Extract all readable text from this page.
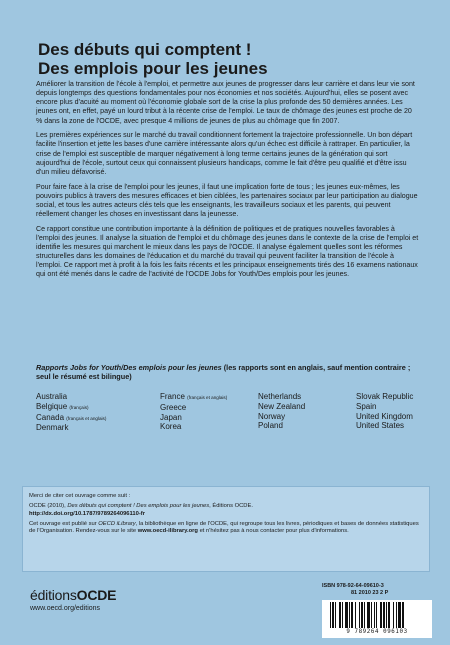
Des débuts qui comptent !
Des emplois pour les jeunes

Améliorer la transition de l'école à l'emploi, et permettre aux jeunes de progresser dans leur carrière et dans leur vie sont depuis longtemps des questions fondamentales pour nos économies et nos sociétés. Aujourd'hui, elles se posent avec encore plus d'acuité au moment où l'économie globale sort de la crise la plus profonde des 50 dernières années. Les jeunes ont, en effet, payé un lourd tribut à la récente crise de l'emploi. Le taux de chômage des jeunes est proche de 20 % dans la zone de l'OCDE, avec presque 4 millions de jeunes de plus au chômage que fin 2007.

Les premières expériences sur le marché du travail conditionnent fortement la trajectoire professionnelle. Un bon départ facilite l'insertion et jette les bases d'une carrière intéressante alors qu'un échec est difficile à rattraper. En particulier, la crise de l'emploi est susceptible de marquer négativement à long terme certains jeunes de la génération qui sort aujourd'hui de l'école, surtout ceux qui connaissent plusieurs handicaps, comme le fait d'être peu qualifié et d'être issu d'un milieu défavorisé.

Pour faire face à la crise de l'emploi pour les jeunes, il faut une implication forte de tous ; les jeunes eux-mêmes, les pouvoirs publics à travers des mesures efficaces et bien ciblées, les partenaires sociaux par leur participation au dialogue social, et tous les autres acteurs clés tels que les enseignants, les travailleurs sociaux et les parents, qui peuvent réellement changer les choses en investissant dans la jeunesse.

Ce rapport constitue une contribution importante à la définition de politiques et de pratiques nouvelles favorables à l'emploi des jeunes. Il analyse la situation de l'emploi et du chômage des jeunes dans le contexte de la crise de l'emploi et identifie les mesures qui marchent le mieux dans les pays de l'OCDE. Il analyse également quelles sont les réformes structurelles dans les domaines de l'éducation et du marché du travail qui peuvent faciliter la transition de l'école à l'emploi. Ce rapport met à profit à la fois les faits récents et les principaux enseignements tirés des 16 examens nationaux qui ont été menés dans le cadre de l'activité de l'OCDE Jobs for Youth/Des emplois pour les jeunes.

Rapports Jobs for Youth/Des emplois pour les jeunes (les rapports sont en anglais, sauf mention contraire ; seul le résumé est bilingue)
Australia
Belgique (français)
Canada (français et anglais)
Denmark
France (français et anglais)
Greece
Japan
Korea
Netherlands
New Zealand
Norway
Poland
Slovak Republic
Spain
United Kingdom
United States

Merci de citer cet ouvrage comme suit :

OCDE (2010), Des débuts qui comptent ! Des emplois pour les jeunes, Éditions OCDE.
http://dx.doi.org/10.1787/9789264096110-fr

Cet ouvrage est publié sur OECD iLibrary, la bibliothèque en ligne de l'OCDE, qui regroupe tous les livres, périodiques et bases de données statistiques de l'Organisation. Rendez-vous sur le site www.oecd-ilibrary.org et n'hésitez pas à nous contacter pour plus d'informations.

éditionsOCDE
www.oecd.org/editions
ISBN 978-92-64-09610-3
81 2010 23 2 P
9 789264 096103
